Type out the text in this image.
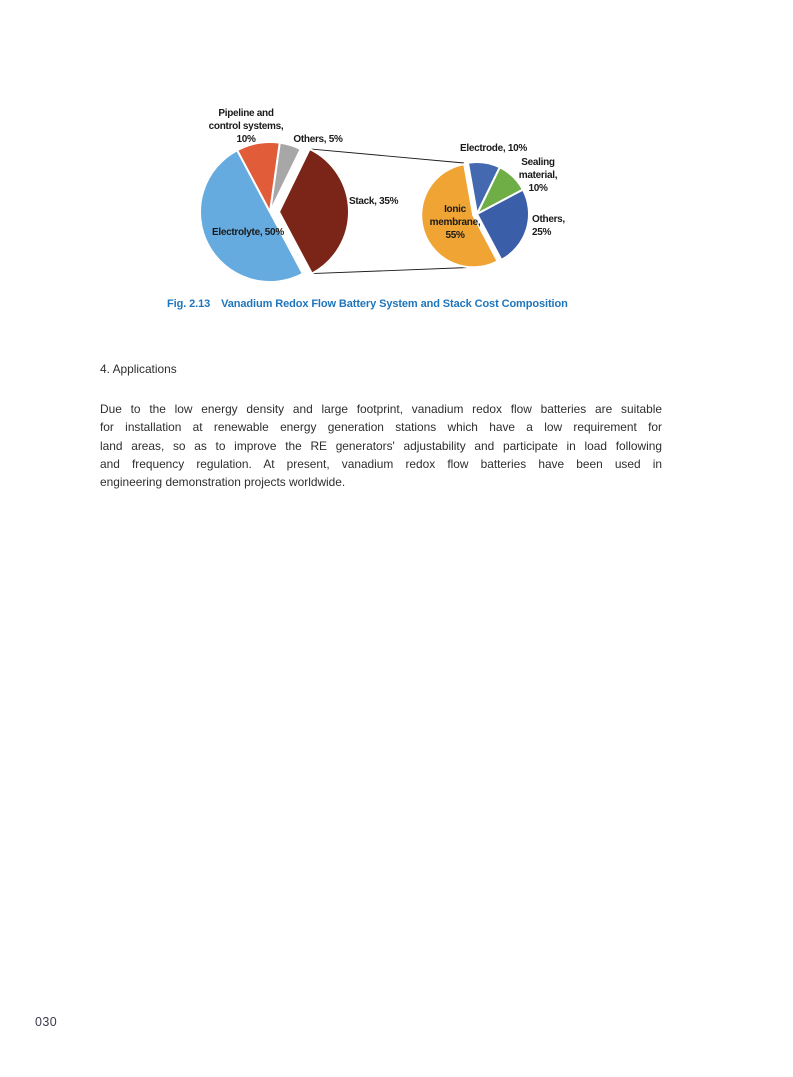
Others, 5%
Stack, 35%
Electrolyte, 50%
Pipeline and
control systems,
10%
Electrode, 10%
Sealing
material,
10%
Others,
25%
Ionic
membrane,
55%
Fig. 2.13 Vanadium Redox Flow Battery System and Stack Cost Composition
4. Applications
Due to the low energy density and large footprint, vanadium redox flow batteries are suitable
for installation at renewable energy generation stations which have a low requirement for
land areas, so as to improve the RE generators' adjustability and participate in load following
and frequency regulation. At present, vanadium redox flow batteries have been used in
engineering demonstration projects worldwide.
030
